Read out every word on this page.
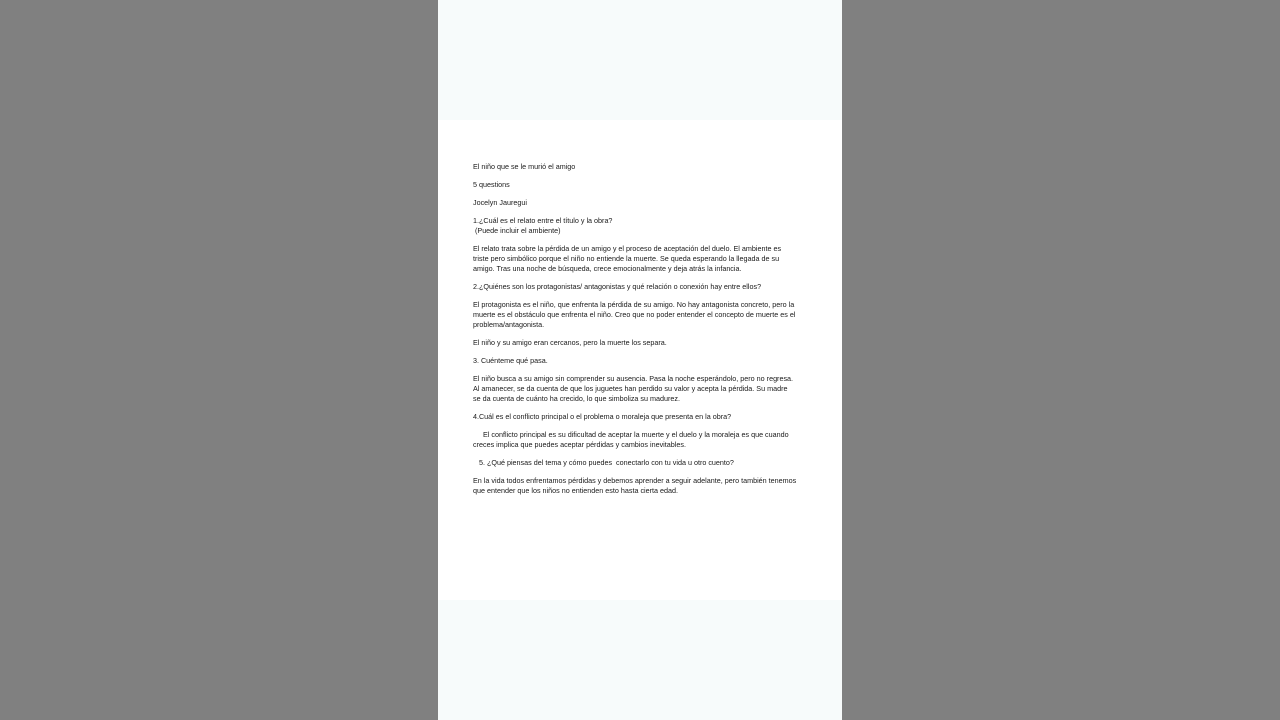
El niño que se le murió el amigo

5 questions

Jocelyn Jauregui

1.¿Cuál es el relato entre el título y la obra?
(Puede incluir el ambiente)

El relato trata sobre la pérdida de un amigo y el proceso de aceptación del duelo. El ambiente es triste pero simbólico porque el niño no entiende la muerte. Se queda esperando la llegada de su amigo. Tras una noche de búsqueda, crece emocionalmente y deja atrás la infancia.

2.¿Quiénes son los protagonistas/ antagonistas y qué relación o conexión hay entre ellos?

El protagonista es el niño, que enfrenta la pérdida de su amigo. No hay antagonista concreto, pero la muerte es el obstáculo que enfrenta el niño. Creo que no poder entender el concepto de muerte es el problema/antagonista.

El niño y su amigo eran cercanos, pero la muerte los separa.

3. Cuénteme qué pasa.

El niño busca a su amigo sin comprender su ausencia. Pasa la noche esperándolo, pero no regresa. Al amanecer, se da cuenta de que los juguetes han perdido su valor y acepta la pérdida. Su madre se da cuenta de cuánto ha crecido, lo que simboliza su madurez.

4.Cuál es el conflicto principal o el problema o moraleja que presenta en la obra?

El conflicto principal es su dificultad de aceptar la muerte y el duelo y la moraleja es que cuando creces implica que puedes aceptar pérdidas y cambios inevitables.

5. ¿Qué piensas del tema y cómo puedes  conectarlo con tu vida u otro cuento?

En la vida todos enfrentamos pérdidas y debemos aprender a seguir adelante, pero también tenemos que entender que los niños no entienden esto hasta cierta edad.
